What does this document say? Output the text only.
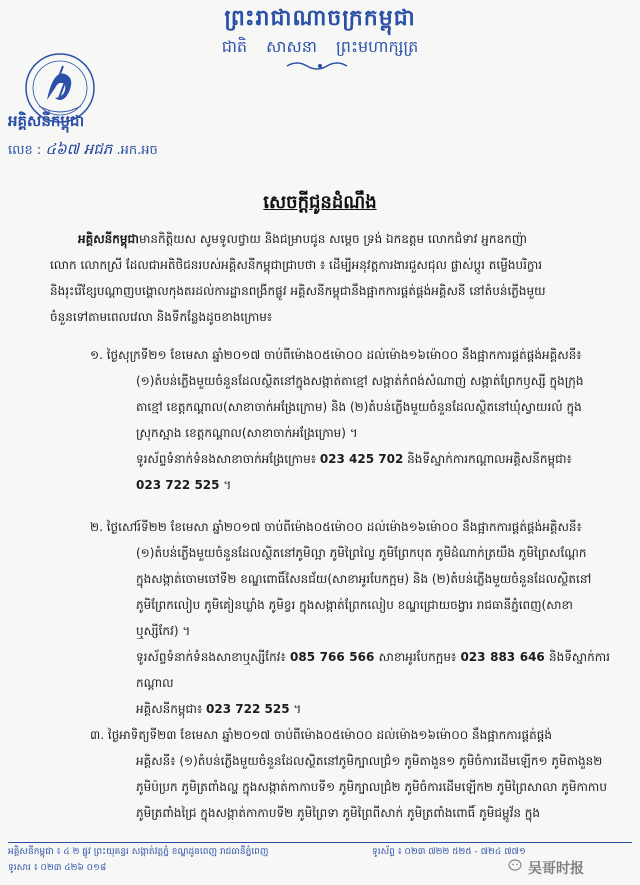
ព្រះរាជាណាចក្រកម្ពុជា
ជាតិ សាសនា ព្រះមហាក្សត្រ
អគ្គិសនីកម្ពុជា
លេខ : ៤៦៧ អជភ .អក.អច
សេចក្តីជូនដំណឹង
អគ្គិសនីកម្ពុជាមានកិត្តិយស សូមទូលថ្វាយ និងជម្រាបជូន សម្តេច ទ្រង់ ឯកឧត្តម លោកជំទាវ អ្នកឧកញ៉ា
លោក លោកស្រី ដែលជាអតិថិជនរបស់អគ្គិសនីកម្ពុជាជ្រាបថា ៖ ដើម្បីអនុវត្តការងារជួសជុល ផ្លាស់ប្តូរ តម្លើងបរិក្ខារ
និងរុះរើខ្សែបណ្តាញបង្គោលកុងតរដល់ការដ្ឋានពង្រីកផ្លូវ អគ្គិសនីកម្ពុជានឹងផ្អាកការផ្គត់ផ្គង់អគ្គិសនី នៅតំបន់ភ្លើងមួយ
ចំនួនទៅតាមពេលវេលា និងទីកន្លែងដូចខាងក្រោម៖
១. ថ្ងៃសុក្រទី២១ ខែមេសា ឆ្នាំ២០១៧ ចាប់ពីម៉ោង០៥ម៉ោ០០ ដល់ម៉ោង១៦ម៉ោ០០ នឹងផ្អាកការផ្គត់ផ្គង់អគ្គិសនី៖
(១)តំបន់ភ្លើងមួយចំនួនដែលស្ថិតនៅក្នុងសង្កាត់តាខ្មៅ សង្កាត់កំពង់សំណាញ់ សង្កាត់ព្រែកឫស្សី ក្នុងក្រុង
តាខ្មៅ ខេត្តកណ្តាល(សាខាចាក់អង្រែក្រោម) និង (២)តំបន់ភ្លើងមួយចំនួនដែលស្ថិតនៅឃុំស្វាយរលំ ក្នុង
ស្រុកស្អាង ខេត្តកណ្តាល(សាខាចាក់អង្រែក្រោម) ។
ទូរស័ព្ទទំនាក់ទំនងសាខាចាក់អង្រែក្រោម៖ 023 425 702 និងទីស្នាក់ការកណ្តាលអគ្គិសនីកម្ពុជា៖
023 722 525 ។
២. ថ្ងៃសៅរ៍ទី២២ ខែមេសា ឆ្នាំ២០១៧ ចាប់ពីម៉ោង០៥ម៉ោ០០ ដល់ម៉ោង១៦ម៉ោ០០ នឹងផ្អាកការផ្គត់ផ្គង់អគ្គិសនី៖
(១)តំបន់ភ្លើងមួយចំនួនដែលស្ថិតនៅភូមិល្អា ភូមិព្រៃល្វៃ ភូមិព្រែកបុត ភូមិដំណាក់ត្រយឹង ភូមិព្រៃសណ្តែក
ក្នុងសង្កាត់ចោមចៅទី២ ខណ្ឌពោធិ៍សែនជ័យ(សាខាអូរបែកក្អម) និង (២)តំបន់ភ្លើងមួយចំនួនដែលស្ថិតនៅ
ភូមិព្រែកលៀប ភូមិគៀនឃ្លាំង ភូមិខ្វរ ក្នុងសង្កាត់ព្រែកលៀប ខណ្ឌជ្រោយចង្វារ រាជធានីភ្នំពេញ(សាខា
ឬស្សីកែវ) ។
ទូរស័ព្ទទំនាក់ទំនងសាខាឬស្សីកែវ៖ 085 766 566 សាខាអូរបែកក្អម៖ 023 883 646 និងទីស្នាក់ការកណ្តាល
អគ្គិសនីកម្ពុជា៖ 023 722 525 ។
៣. ថ្ងៃអាទិត្យទី២៣ ខែមេសា ឆ្នាំ២០១៧ ចាប់ពីម៉ោង០៥ម៉ោ០០ ដល់ម៉ោង១៦ម៉ោ០០ នឹងផ្អាកការផ្គត់ផ្គង់
អគ្គិសនី៖ (១)តំបន់ភ្លើងមួយចំនួនដែលស្ថិតនៅភូមិក្បាលជ្រំ១ ភូមិតាងួន១ ភូមិចំការដើមឡើក១ ភូមិតាងួន២
ភូមិប៉ប្រក ភូមិត្រពាំងល្ហ ក្នុងសង្កាត់កាកាបទី១ ភូមិក្បាលជ្រំ២ ភូមិចំការដើមឡើក២ ភូមិព្រៃសាលា ភូមិកាកាប
ភូមិត្រពាំងជ្រៃ ក្នុងសង្កាត់កាកាបទី២ ភូមិព្រៃទា ភូមិព្រៃពីសាក់ ភូមិត្រពាំងពោធិ៍ ភូមិជម្ពូវ័ន ក្នុង
អគ្គិសនីកម្ពុជា ៖ ៤ ២ ផ្លូវ ព្រះយុគន្ធរ សង្កាត់វត្តភ្នំ ខណ្ឌដូនពេញ រាជធានីភ្នំពេញ	ទូរស័ព្ទ ៖ ០២៣ ៧២២ ៥២៥ - ៧២៤ ៧៧១
ទូរសារ ៖ ០២៣ ៤២៦ ០១៨	吴哥时报
